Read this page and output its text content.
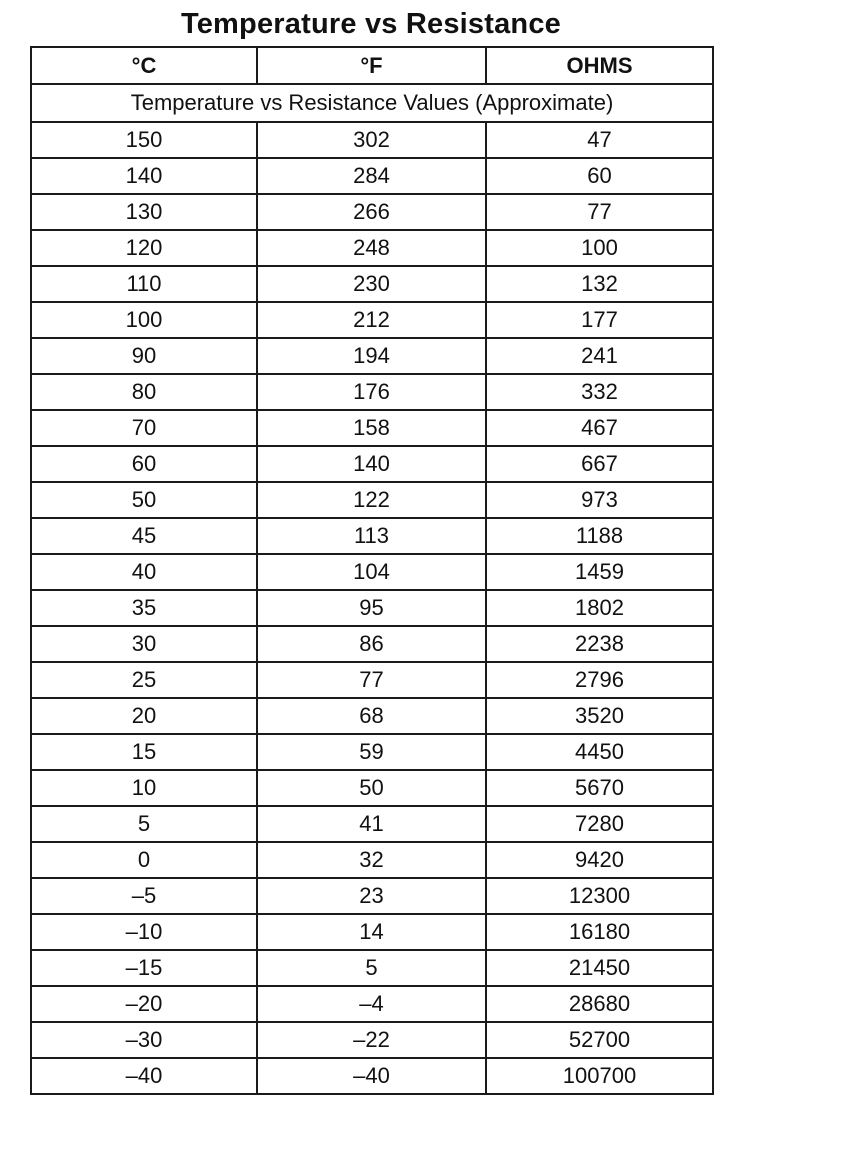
Temperature vs Resistance
°C	°F	OHMS
Temperature vs Resistance Values (Approximate)		
150	302	47
140	284	60
130	266	77
120	248	100
110	230	132
100	212	177
90	194	241
80	176	332
70	158	467
60	140	667
50	122	973
45	113	1188
40	104	1459
35	95	1802
30	86	2238
25	77	2796
20	68	3520
15	59	4450
10	50	5670
5	41	7280
0	32	9420
–5	23	12300
–10	14	16180
–15	5	21450
–20	–4	28680
–30	–22	52700
–40	–40	100700
